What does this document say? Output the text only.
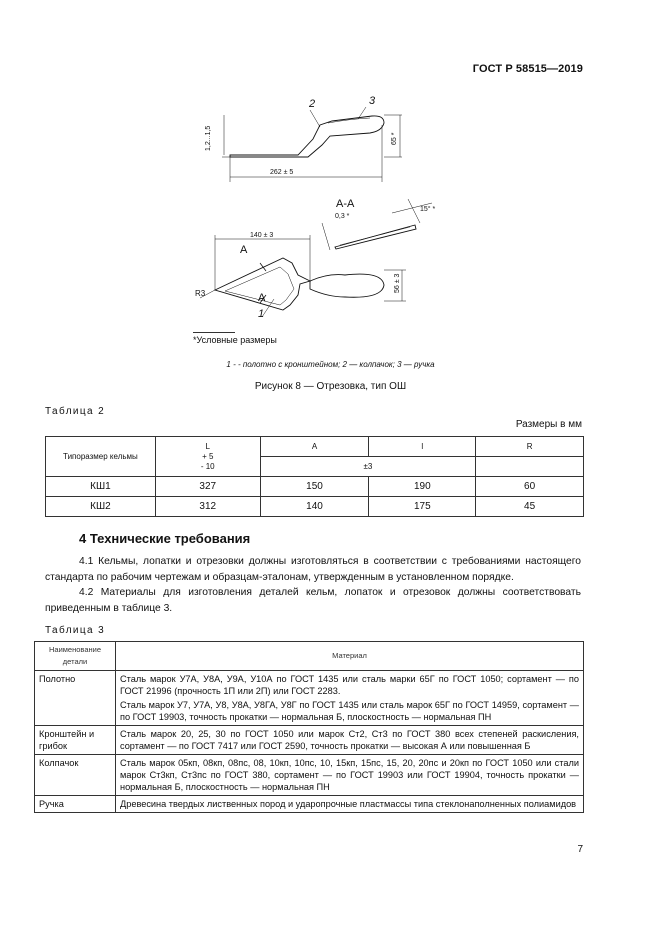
ГОСТ Р 58515—2019
1,2...1,5
262 ± 5
65 *
2	3
А-А
0,3 *
15° *
140 ± 3
56 ± 3
А
А
R3
1
*Условные размеры
1 - - полотно с кронштейном; 2 — колпачок; 3 — ручка
Рисунок 8 — Отрезовка, тип ОШ
Таблица 2
Размеры в мм
Типоразмер кельмы	L
+ 5
- 10	A	l	R
		±3		
КШ1	327	150	190	60
КШ2	312	140	175	45
4 Технические требования
4.1 Кельмы, лопатки и отрезовки должны изготовляться в соответствии с требованиями настоящего стандарта по рабочим чертежам и образцам-эталонам, утвержденным в установленном порядке.
4.2 Материалы для изготовления деталей кельм, лопаток и отрезовок должны соответствовать приведенным в таблице 3.
Таблица 3
Наименование детали	Материал
Полотно	Сталь марок У7А, У8А, У9А, У10А по ГОСТ 1435 или сталь марки 65Г по ГОСТ 1050; сортамент — по ГОСТ 21996 (прочность 1П или 2П) или ГОСТ 2283.
Сталь марок У7, У7А, У8, У8А, У8ГА, У8Г по ГОСТ 1435 или сталь марок 65Г по ГОСТ 14959, сортамент — по ГОСТ 19903, точность прокатки — нормальная Б, плоскостность — нормальная ПН

Кронштейн и грибок	Сталь марок 20, 25, 30 по ГОСТ 1050 или марок Ст2, Ст3 по ГОСТ 380 всех степеней раскисления, сортамент — по ГОСТ 7417 или ГОСТ 2590, точность прокатки — высокая А или повышенная Б
Колпачок	Сталь марок 05кп, 08кп, 08пс, 08, 10кп, 10пс, 10, 15кп, 15пс, 15, 20, 20пс и 20кп по ГОСТ 1050 или стали марок Ст3кп, Ст3пс по ГОСТ 380, сортамент — по ГОСТ 19903 или ГОСТ 19904, точность прокатки — нормальная Б, плоскостность — нормальная ПН
Ручка	Древесина твердых лиственных пород и ударопрочные пластмассы типа стеклонаполненных полиамидов
7
